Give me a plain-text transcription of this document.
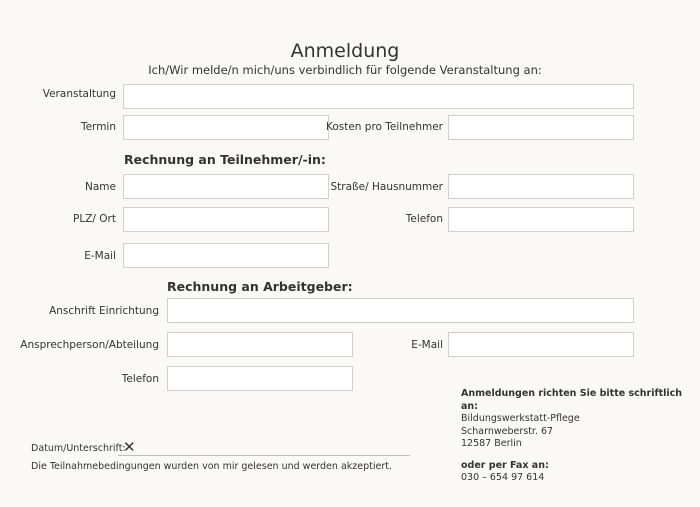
Anmeldung
Ich/Wir melde/n mich/uns verbindlich für folgende Veranstaltung an:
Veranstaltung
Termin	Kosten pro Teilnehmer
Rechnung an Teilnehmer/-in:
Name	Straße/ Hausnummer
PLZ/ Ort	Telefon
E-Mail
Rechnung an Arbeitgeber:
Anschrift Einrichtung
Ansprechperson/Abteilung	E-Mail
Telefon
Anmeldungen richten Sie bitte schriftlich an:
Bildungswerkstatt-Pflege
Scharnweberstr. 67
12587 Berlin
oder per Fax an:
030 – 654 97 614
Datum/Unterschrift:
✕
Die Teilnahmebedingungen wurden von mir gelesen und werden akzeptiert.
